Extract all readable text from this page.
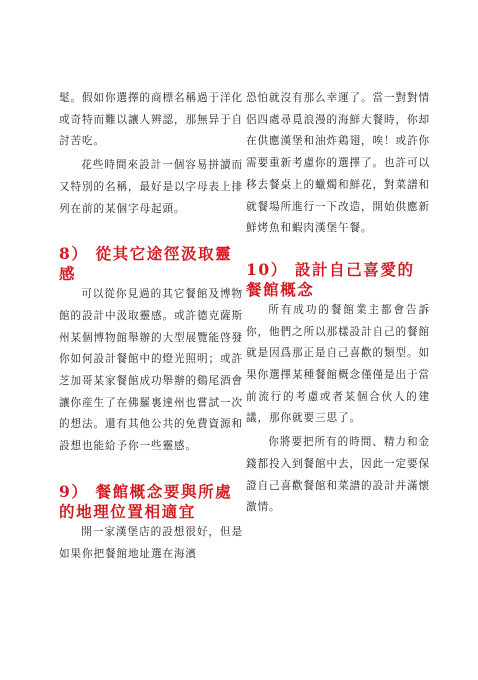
髦。假如你選擇的商標名稱過于洋化或奇特而難以讓人辨認，那無异于自討苦吃。

花些時間來設計一個容易拼讀而又特別的名稱，最好是以字母表上排列在前的某個字母起頭。

8） 從其它途徑汲取靈感

可以從你見過的其它餐館及博物館的設計中汲取靈感。或許德克薩斯州某個博物館舉辦的大型展覽能啓發你如何設計餐館中的燈光照明；或許芝加哥某家餐館成功舉辦的鷄尾酒會讓你産生了在佛羅裏達州也嘗試一次的想法。還有其他公共的免費資源和設想也能給予你一些靈感。

9） 餐館概念要與所處的地理位置相適宜

開一家漢堡店的設想很好，但是如果你把餐館地址選在海濱

恐怕就沒有那么幸運了。當一對對情侶四處尋覓浪漫的海鮮大餐時，你却在供應漢堡和油炸鶏翅，唉！或許你需要重新考慮你的選擇了。也許可以移去餐桌上的蠟燭和鮮花，對菜譜和就餐場所進行一下改造，開始供應新鮮烤魚和蝦肉漢堡午餐。

10） 設計自己喜愛的餐館概念

所有成功的餐館業主都會告訴你，他們之所以那樣設計自己的餐館就是因爲那正是自己喜歡的類型。如果你選擇某種餐館概念僅僅是出于當前流行的考慮或者某個合伙人的建議，那你就要三思了。

你將要把所有的時間、精力和金錢都投入到餐館中去，因此一定要保證自己喜歡餐館和菜譜的設計并滿懷激情。
